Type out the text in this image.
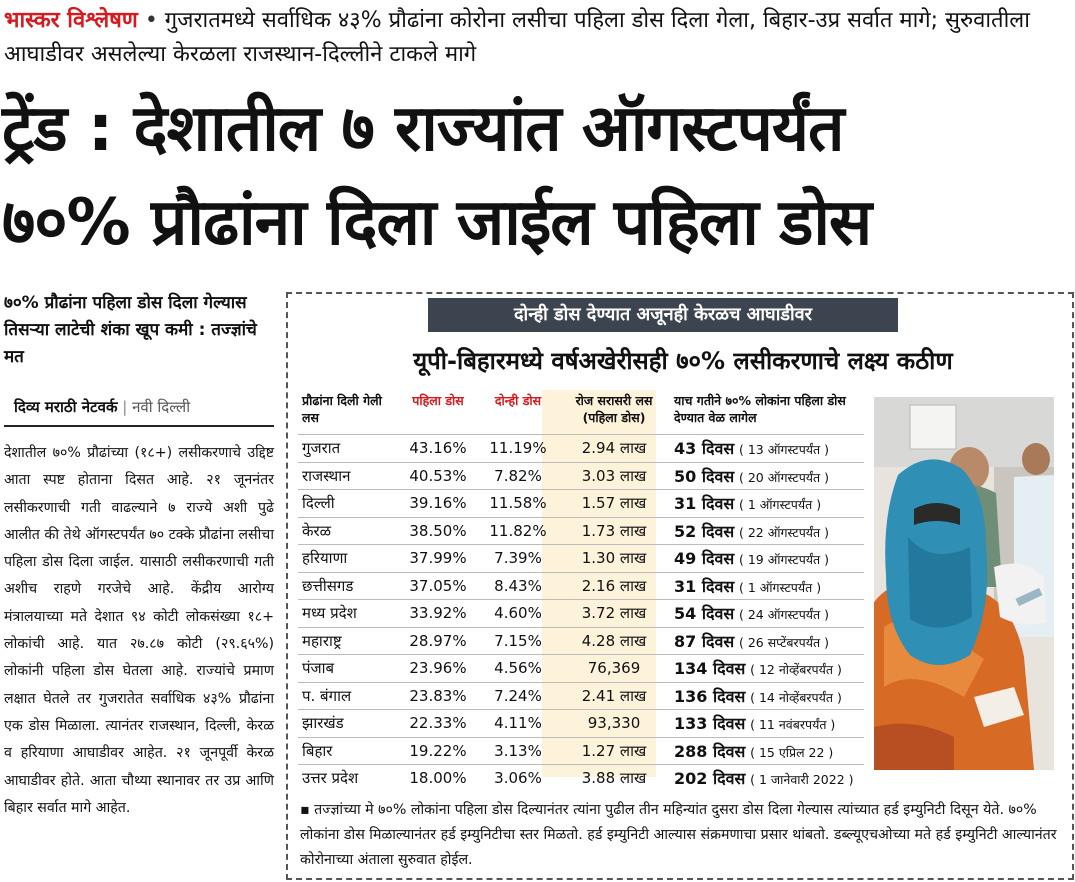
भास्कर विश्लेषण • गुजरातमध्ये सर्वाधिक ४३% प्रौढांना कोरोना लसीचा पहिला डोस दिला गेला, बिहार-उप्र सर्वात मागे; सुरुवातीला आघाडीवर असलेल्या केरळला राजस्थान-दिल्लीने टाकले मागे
ट्रेंड : देशातील ७ राज्यांत ऑगस्टपर्यंत
७०% प्रौढांना दिला जाईल पहिला डोस
७०% प्रौढांना पहिला डोस दिला गेल्यास तिसऱ्या लाटेची शंका खूप कमी : तज्ज्ञांचे मत
दिव्य मराठी नेटवर्क | नवी दिल्ली
देशातील ७०% प्रौढांच्या (१८+) लसीकरणाचे उद्दिष्ट आता स्पष्ट होताना दिसत आहे. २१ जूननंतर लसीकरणाची गती वाढल्याने ७ राज्ये अशी पुढे आलीत की तेथे ऑगस्टपर्यंत ७० टक्के प्रौढांना लसीचा पहिला डोस दिला जाईल. यासाठी लसीकरणाची गती अशीच राहणे गरजेचे आहे. केंद्रीय आरोग्य मंत्रालयाच्या मते देशात ९४ कोटी लोकसंख्या १८+ लोकांची आहे. यात २७.८७ कोटी (२९.६५%) लोकांनी पहिला डोस घेतला आहे. राज्यांचे प्रमाण लक्षात घेतले तर गुजरातेत सर्वाधिक ४३% प्रौढांना एक डोस मिळाला. त्यानंतर राजस्थान, दिल्ली, केरळ व हरियाणा आघाडीवर आहेत. २१ जूनपूर्वी केरळ आघाडीवर होते. आता चौथ्या स्थानावर तर उप्र आणि बिहार सर्वात मागे आहेत.
दोन्ही डोस देण्यात अजूनही केरळच आघाडीवर
यूपी-बिहारमध्ये वर्षअखेरीसही ७०% लसीकरणाचे लक्ष्य कठीण
प्रौढांना दिली गेली लस	पहिला डोस	दोन्ही डोस	रोज सरासरी लस (पहिला डोस)	याच गतीने ७०% लोकांना पहिला डोस देण्यात वेळ लागेल
गुजरात	43.16%	11.19%	2.94 लाख	43 दिवस ( 13 ऑगस्टपर्यंत )
राजस्थान	40.53%	7.82%	3.03 लाख	50 दिवस ( 20 ऑगस्टपर्यंत )
दिल्ली	39.16%	11.58%	1.57 लाख	31 दिवस ( 1 ऑगस्टपर्यंत )
केरळ	38.50%	11.82%	1.73 लाख	52 दिवस ( 22 ऑगस्टपर्यंत )
हरियाणा	37.99%	7.39%	1.30 लाख	49 दिवस ( 19 ऑगस्टपर्यंत )
छत्तीसगड	37.05%	8.43%	2.16 लाख	31 दिवस ( 1 ऑगस्टपर्यंत )
मध्य प्रदेश	33.92%	4.60%	3.72 लाख	54 दिवस ( 24 ऑगस्टपर्यंत )
महाराष्ट्र	28.97%	7.15%	4.28 लाख	87 दिवस ( 26 सप्टेंबरपर्यंत )
पंजाब	23.96%	4.56%	76,369	134 दिवस ( 12 नोव्हेंबरपर्यंत )
प. बंगाल	23.83%	7.24%	2.41 लाख	136 दिवस ( 14 नोव्हेंबरपर्यंत )
झारखंड	22.33%	4.11%	93,330	133 दिवस ( 11 नवंबरपर्यंत )
बिहार	19.22%	3.13%	1.27 लाख	288 दिवस ( 15 एप्रिल 22 )
उत्तर प्रदेश	18.00%	3.06%	3.88 लाख	202 दिवस ( 1 जानेवारी 2022 )
▪ तज्ज्ञांच्या मे ७०% लोकांना पहिला डोस दिल्यानंतर त्यांना पुढील तीन महिन्यांत दुसरा डोस दिला गेल्यास त्यांच्यात हर्ड इम्युनिटी दिसून येते. ७०% लोकांना डोस मिळाल्यानंतर हर्ड इम्युनिटीचा स्तर मिळतो. हर्ड इम्युनिटी आल्यास संक्रमणाचा प्रसार थांबतो. डब्ल्यूएचओच्या मते हर्ड इम्युनिटी आल्यानंतर कोरोनाच्या अंताला सुरुवात होईल.
